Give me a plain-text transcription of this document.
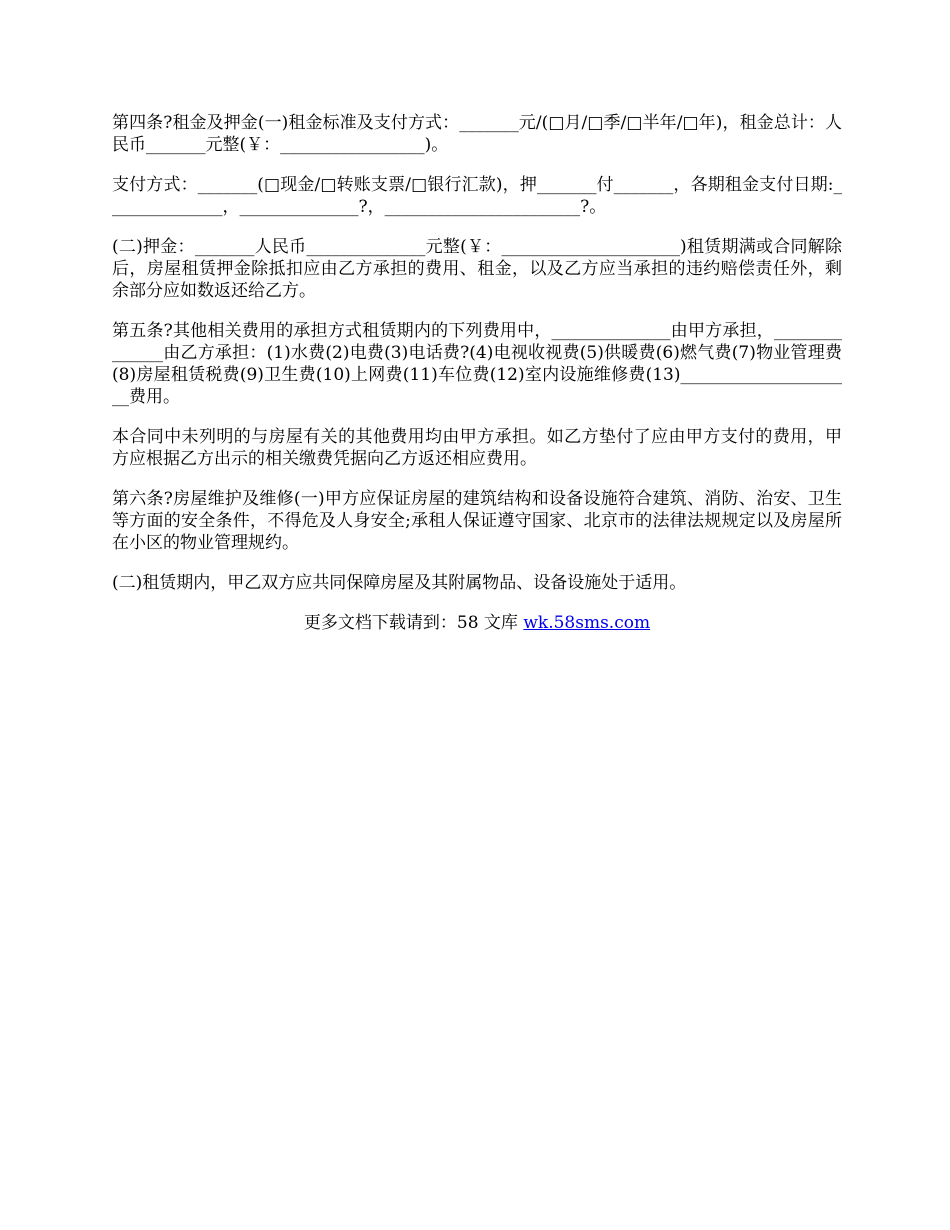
第四条?租金及押金(一)租金标准及支付方式：_______元/(□月/□季/□半年/□年)，租金总计：人民币_______元整(￥：_________________)。

支付方式：_______(□现金/□转账支票/□银行汇款)，押_______付_______，各期租金支付日期:______________，______________?，_______________________?。

(二)押金：_______人民币______________元整(￥：_____________________)租赁期满或合同解除后，房屋租赁押金除抵扣应由乙方承担的费用、租金，以及乙方应当承担的违约赔偿责任外，剩余部分应如数返还给乙方。

第五条?其他相关费用的承担方式租赁期内的下列费用中，______________由甲方承担，______________由乙方承担：(1)水费(2)电费(3)电话费?(4)电视收视费(5)供暖费(6)燃气费(7)物业管理费(8)房屋租赁税费(9)卫生费(10)上网费(11)车位费(12)室内设施维修费(13)_____________________费用。

本合同中未列明的与房屋有关的其他费用均由甲方承担。如乙方垫付了应由甲方支付的费用，甲方应根据乙方出示的相关缴费凭据向乙方返还相应费用。

第六条?房屋维护及维修(一)甲方应保证房屋的建筑结构和设备设施符合建筑、消防、治安、卫生等方面的安全条件，不得危及人身安全;承租人保证遵守国家、北京市的法律法规规定以及房屋所在小区的物业管理规约。

(二)租赁期内，甲乙双方应共同保障房屋及其附属物品、设备设施处于适用。

更多文档下载请到：58 文库 wk.58sms.com
